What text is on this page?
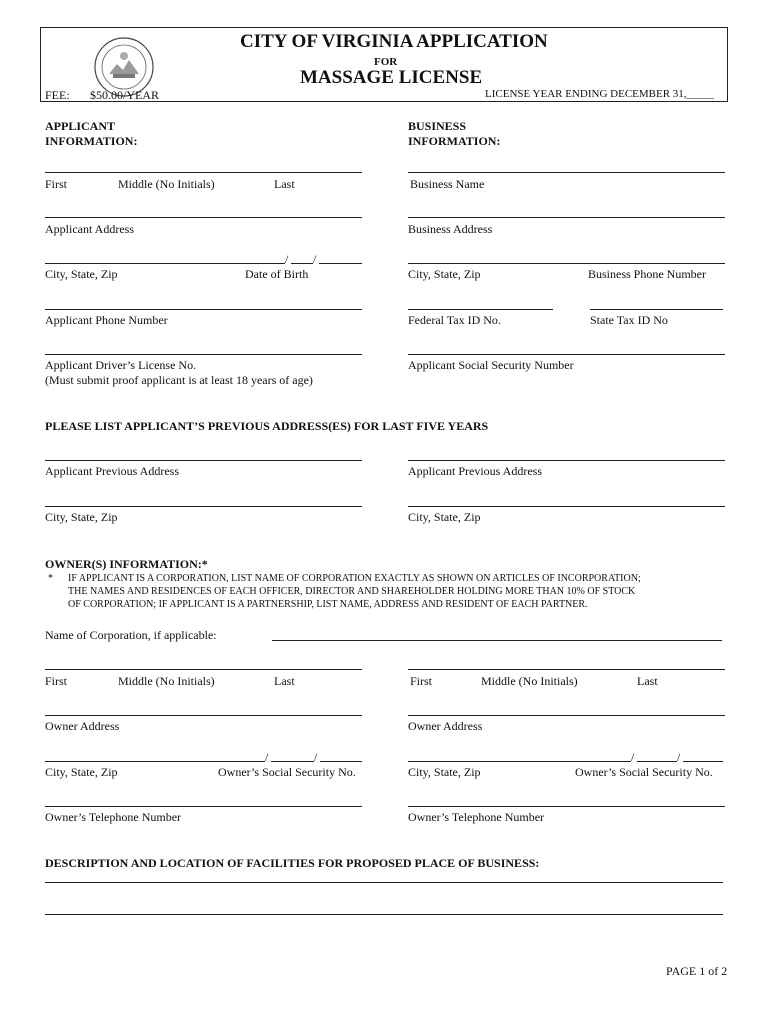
CITY OF VIRGINIA APPLICATION
FOR
MASSAGE LICENSE
FEE: $50.00/YEAR	LICENSE YEAR ENDING DECEMBER 31,_____
APPLICANT
INFORMATION:
BUSINESS
INFORMATION:
First	Middle (No Initials)	Last	Business Name
Applicant Address	Business Address
/ /
City, State, Zip	Date of Birth	City, State, Zip	Business Phone Number
Applicant Phone Number	Federal Tax ID No.	State Tax ID No
Applicant Driver’s License No.
(Must submit proof applicant is at least 18 years of age)
Applicant Social Security Number
PLEASE LIST APPLICANT’S PREVIOUS ADDRESS(ES) FOR LAST FIVE YEARS
Applicant Previous Address	Applicant Previous Address
City, State, Zip	City, State, Zip
OWNER(S) INFORMATION:*
* IF APPLICANT IS A CORPORATION, LIST NAME OF CORPORATION EXACTLY AS SHOWN ON ARTICLES OF INCORPORATION;
THE NAMES AND RESIDENCES OF EACH OFFICER, DIRECTOR AND SHAREHOLDER HOLDING MORE THAN 10% OF STOCK
OF CORPORATION; IF APPLICANT IS A PARTNERSHIP, LIST NAME, ADDRESS AND RESIDENT OF EACH PARTNER.
Name of Corporation, if applicable:
First	Middle (No Initials)	Last	First	Middle (No Initials)	Last
Owner Address	Owner Address
/	/
City, State, Zip	Owner’s Social Security No.
/	/
City, State, Zip	Owner’s Social Security No.
Owner’s Telephone Number	Owner’s Telephone Number
DESCRIPTION AND LOCATION OF FACILITIES FOR PROPOSED PLACE OF BUSINESS:
PAGE 1 of 2
